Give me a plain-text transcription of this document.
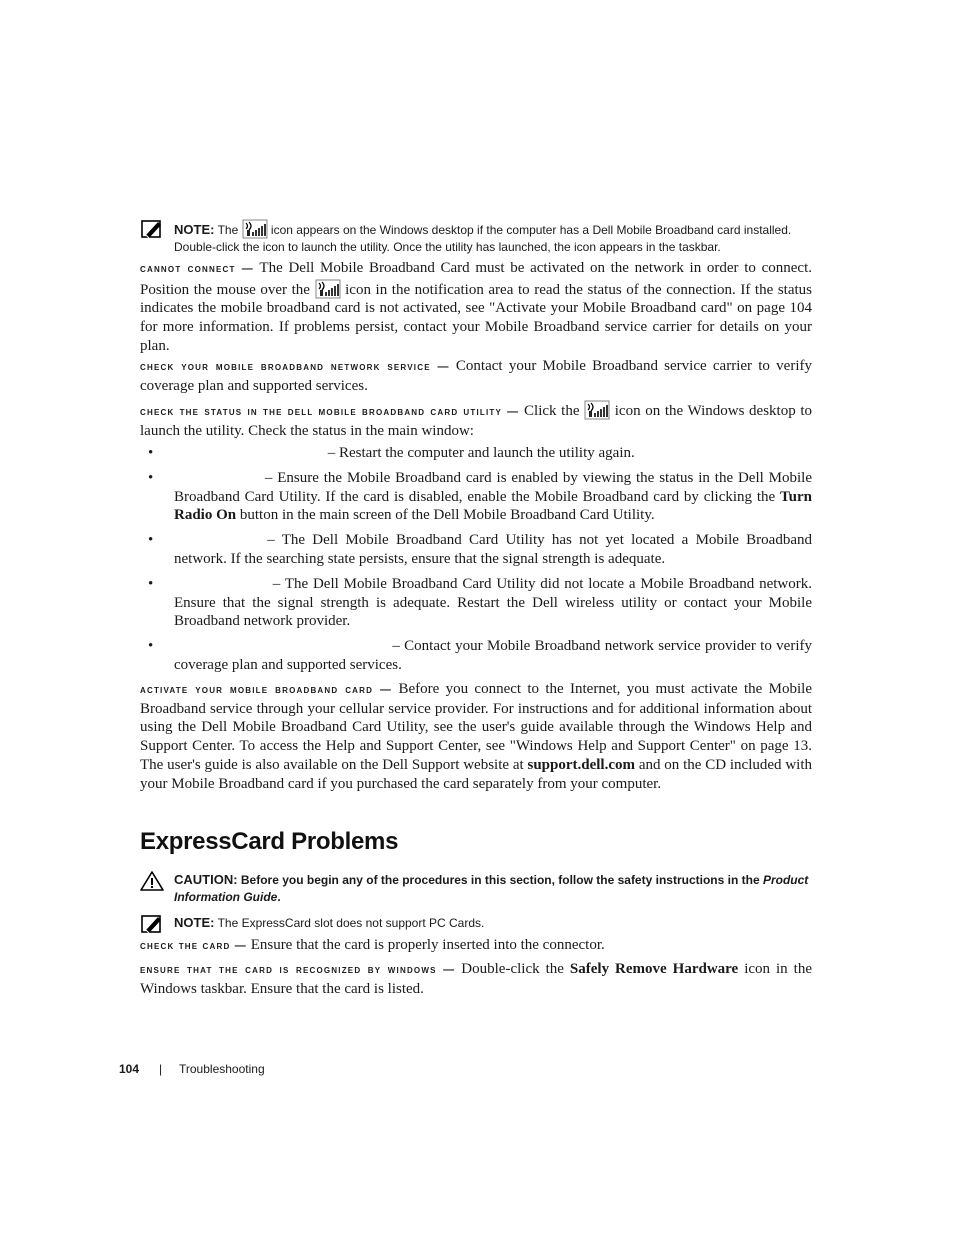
NOTE: The  icon appears on the Windows desktop if the computer has a Dell Mobile Broadband card installed. Double-click the icon to launch the utility. Once the utility has launched, the icon appears in the taskbar.
cannot connect — The Dell Mobile Broadband Card must be activated on the network in order to connect. Position the mouse over the  icon in the notification area to read the status of the connection. If the status indicates the mobile broadband card is not activated, see "Activate your Mobile Broadband card" on page 104 for more information. If problems persist, contact your Mobile Broadband service carrier for details on your plan.
check your mobile broadband network service — Contact your Mobile Broadband service carrier to verify coverage plan and supported services.
check the status in the dell mobile broadband card utility — Click the  icon on the Windows desktop to launch the utility. Check the status in the main window:
•	– Restart the computer and launch the utility again.
•	– Ensure the Mobile Broadband card is enabled by viewing the status in the Dell Mobile Broadband Card Utility. If the card is disabled, enable the Mobile Broadband card by clicking the Turn Radio On button in the main screen of the Dell Mobile Broadband Card Utility.
•	– The Dell Mobile Broadband Card Utility has not yet located a Mobile Broadband network. If the searching state persists, ensure that the signal strength is adequate.
•	– The Dell Mobile Broadband Card Utility did not locate a Mobile Broadband network. Ensure that the signal strength is adequate. Restart the Dell wireless utility or contact your Mobile Broadband network provider.
•	– Contact your Mobile Broadband network service provider to verify coverage plan and supported services.
activate your mobile broadband card — Before you connect to the Internet, you must activate the Mobile Broadband service through your cellular service provider. For instructions and for additional information about using the Dell Mobile Broadband Card Utility, see the user's guide available through the Windows Help and Support Center. To access the Help and Support Center, see "Windows Help and Support Center" on page 13. The user's guide is also available on the Dell Support website at support.dell.com and on the CD included with your Mobile Broadband card if you purchased the card separately from your computer.
ExpressCard Problems
CAUTION: Before you begin any of the procedures in this section, follow the safety instructions in the Product Information Guide.
NOTE: The ExpressCard slot does not support PC Cards.
check the card — Ensure that the card is properly inserted into the connector.
ensure that the card is recognized by windows — Double-click the Safely Remove Hardware icon in the Windows taskbar. Ensure that the card is listed.
104 | Troubleshooting
